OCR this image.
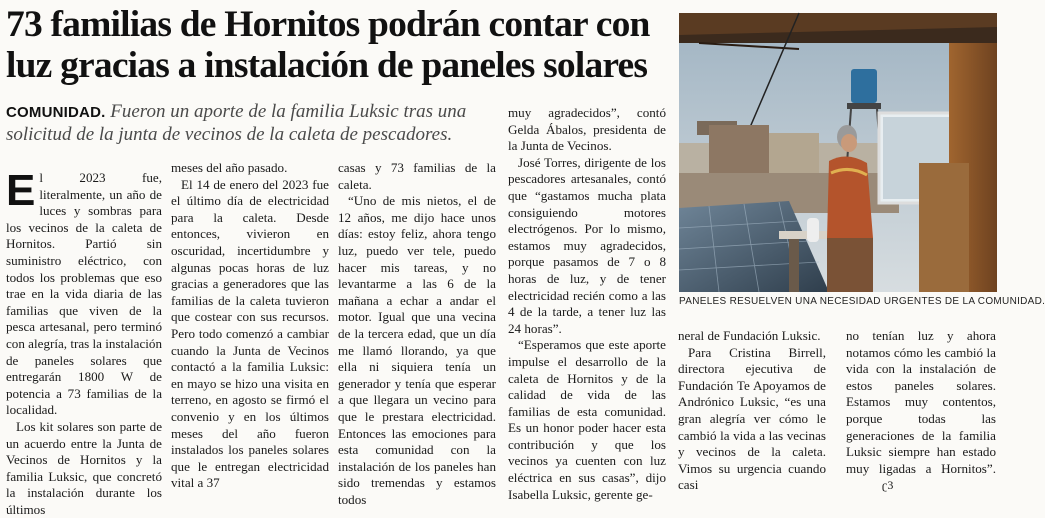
73 familias de Hornitos podrán contar con
luz gracias a instalación de paneles solares

COMUNIDAD. Fueron un aporte de la familia Luksic tras una solicitud de la junta de vecinos de la caleta de pescadores.

El 2023 fue, literalmente, un año de luces y sombras para los vecinos de la caleta de Hornitos. Partió sin suministro eléctrico, con todos los problemas que eso trae en la vida diaria de las familias que viven de la pesca artesanal, pero terminó con alegría, tras la instalación de paneles solares que entregarán 1800 W de potencia a 73 familias de la localidad.

Los kit solares son parte de un acuerdo entre la Junta de Vecinos de Hornitos y la familia Luksic, que concretó la instalación durante los últimos

meses del año pasado.

El 14 de enero del 2023 fue el último día de electricidad para la caleta. Desde entonces, vivieron en oscuridad, incertidumbre y algunas pocas horas de luz gracias a generadores que las familias de la caleta tuvieron que costear con sus recursos. Pero todo comenzó a cambiar cuando la Junta de Vecinos contactó a la familia Luksic: en mayo se hizo una visita en terreno, en agosto se firmó el convenio y en los últimos meses del año fueron instalados los paneles solares que le entregan electricidad vital a 37

casas y 73 familias de la caleta.

“Uno de mis nietos, el de 12 años, me dijo hace unos días: estoy feliz, ahora tengo luz, puedo ver tele, puedo hacer mis tareas, y no levantarme a las 6 de la mañana a echar a andar el motor. Igual que una vecina de la tercera edad, que un día me llamó llorando, ya que ella ni siquiera tenía un generador y tenía que esperar a que llegara un vecino para que le prestara electricidad. Entonces las emociones para esta comunidad con la instalación de los paneles han sido tremendas y estamos todos

muy agradecidos”, contó Gelda Ábalos, presidenta de la Junta de Vecinos.

José Torres, dirigente de los pescadores artesanales, contó que “gastamos mucha plata consiguiendo motores electrógenos. Por lo mismo, estamos muy agradecidos, porque pasamos de 7 o 8 horas de luz, y de tener electricidad recién como a las 4 de la tarde, a tener luz las 24 horas”.

“Esperamos que este aporte impulse el desarrollo de la caleta de Hornitos y de la calidad de vida de las familias de esta comunidad. Es un honor poder hacer esta contribución y que los vecinos ya cuenten con luz eléctrica en sus casas”, dijo Isabella Luksic, gerente ge-

neral de Fundación Luksic.

Para Cristina Birrell, directora ejecutiva de Fundación Te Apoyamos de Andrónico Luksic, “es una gran alegría ver cómo le cambió la vida a las vecinas y vecinos de la caleta. Vimos su urgencia cuando casi

no tenían luz y ahora notamos cómo les cambió la vida con la instalación de estos paneles solares. Estamos muy contentos, porque todas las generaciones de la familia Luksic siempre han estado muy ligadas a Hornitos”.ʗ3

PANELES RESUELVEN UNA NECESIDAD URGENTES DE LA COMUNIDAD.
